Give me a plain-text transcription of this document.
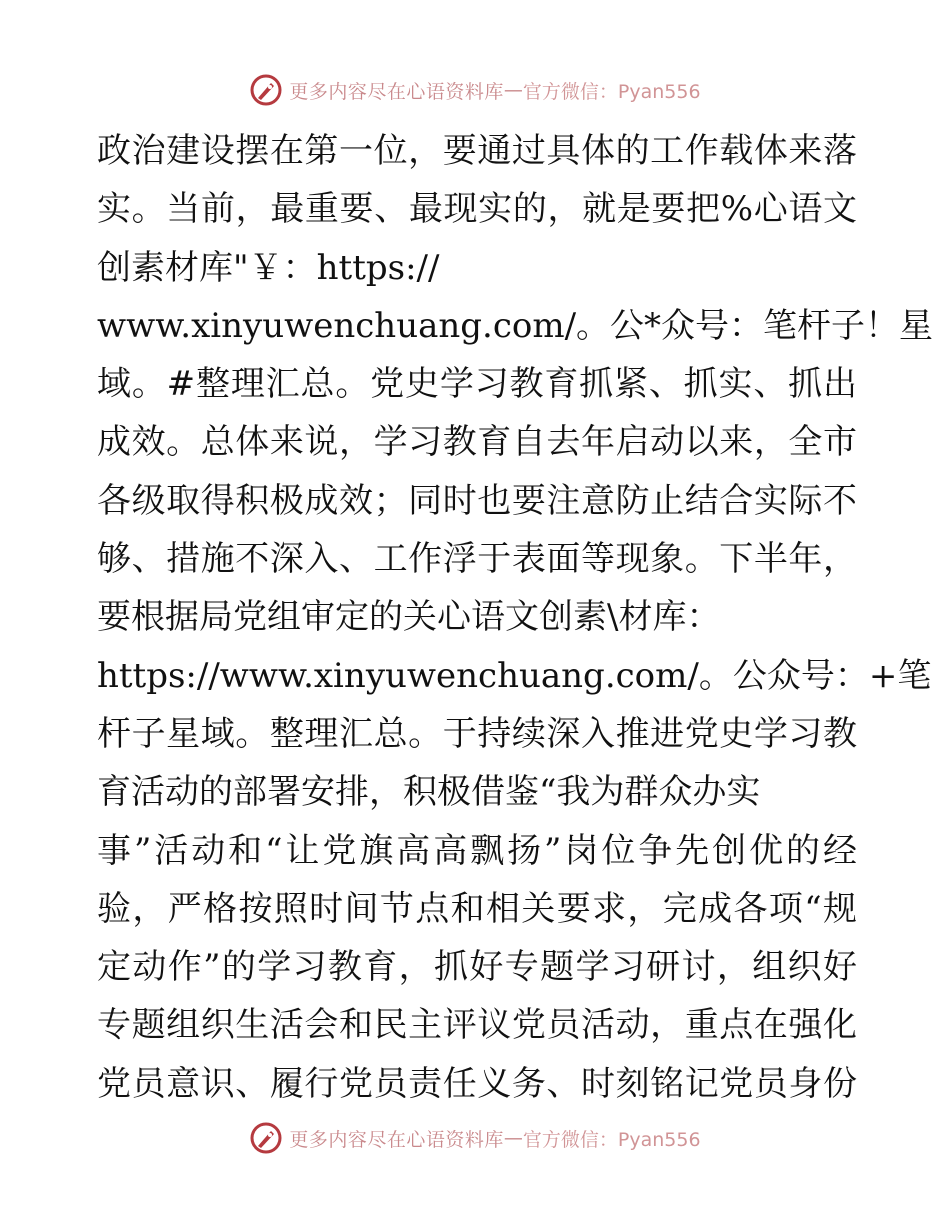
更多内容尽在心语资料库 — 官方微信：Pyan556
政治建设摆在第一位，要通过具体的工作载体来落
实。当前，最重要、最现实的，就是要把%心语文
创素材库"￥：https://
www.xinyuwenchuang.com/。公*众号：笔杆子！星
域。#整理汇总。党史学习教育抓紧、抓实、抓出
成效。总体来说，学习教育自去年启动以来，全市
各级取得积极成效；同时也要注意防止结合实际不
够、措施不深入、工作浮于表面等现象。下半年，
要根据局党组审定的关心语文创素\材库：
https://www.xinyuwenchuang.com/。公众号：+笔
杆子星域。整理汇总。于持续深入推进党史学习教
育活动的部署安排，积极借鉴“我为群众办实
事”活动和“让党旗高高飘扬”岗位争先创优的经
验，严格按照时间节点和相关要求，完成各项“规
定动作”的学习教育，抓好专题学习研讨，组织好
专题组织生活会和民主评议党员活动，重点在强化
党员意识、履行党员责任义务、时刻铭记党员身份
更多内容尽在心语资料库 — 官方微信：Pyan556
